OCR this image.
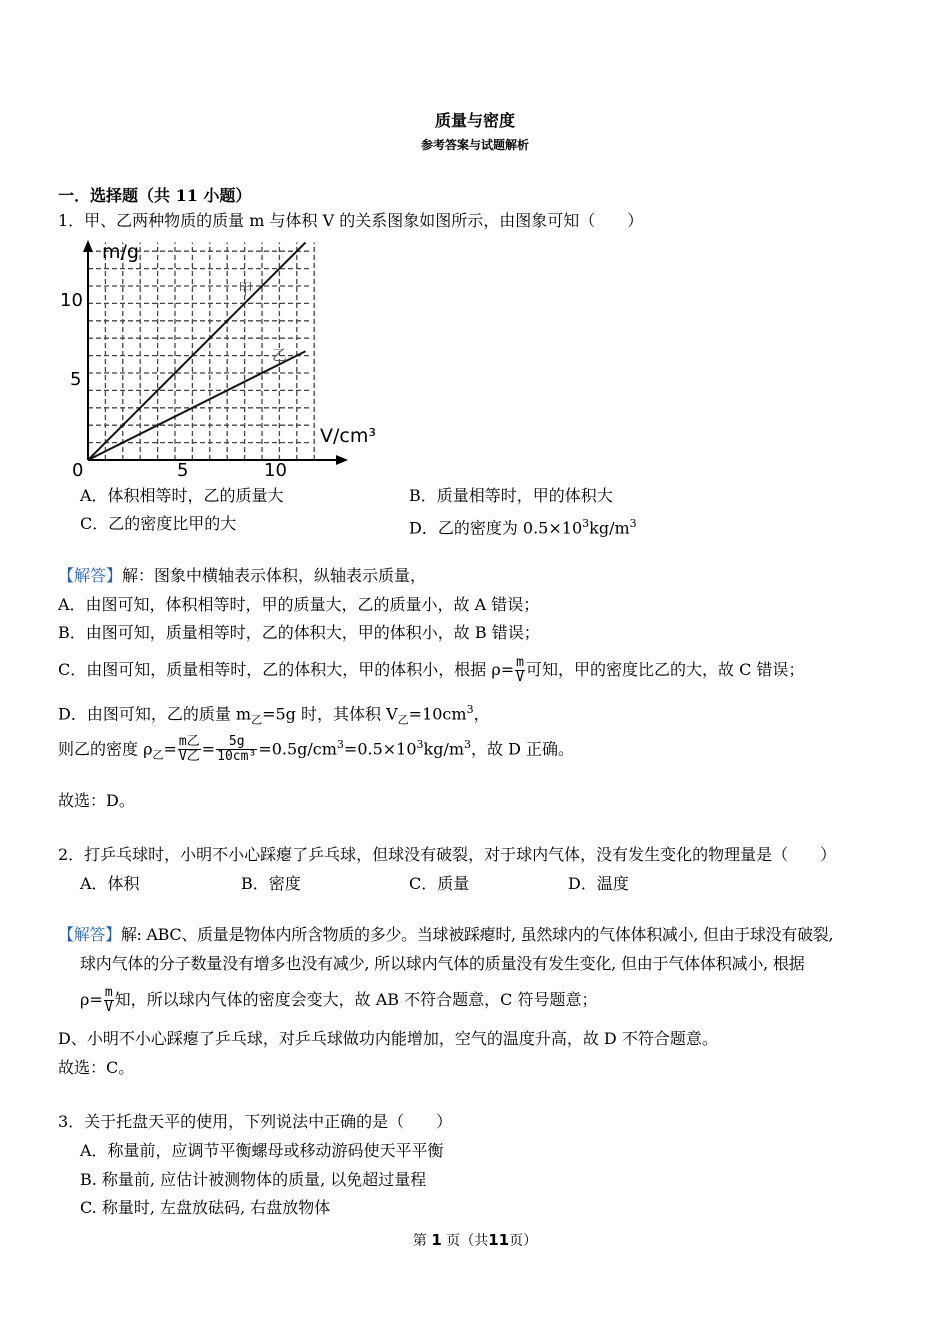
质量与密度
参考答案与试题解析
一．选择题（共 11 小题）
1．甲、乙两种物质的质量 m 与体积 V 的关系图象如图所示，由图象可知（　　）
m/g
V/cm³
0	5	10
10
5
甲
乙
A．体积相等时，乙的质量大	B．质量相等时，甲的体积大
C．乙的密度比甲的大	D．乙的密度为 $0.5\times 10^3kg/m^3$
【解答】解：图象中横轴表示体积，纵轴表示质量，
A．由图可知，体积相等时，甲的质量大，乙的质量小，故 A 错误；
B．由图可知，质量相等时，乙的体积大，甲的体积小，故 B 错误；
C．由图可知，质量相等时，乙的体积大，甲的体积小，根据 $\rho= \frac{m}{V}$ 可知，甲的密度比乙的大，故 C 错误；
D．由图可知，乙的质量 $m_乙=5g$ 时，其体积 $V_乙=10cm^3$，
则乙的密度 $\rho_乙= \frac{\text{m乙}}{\text{V乙}} = \frac{5g}{\text{10cm³}} =0.5g/cm^3=0.5\times 10^3kg/m^3$，故 D 正确。
故选：D。
2．打乒乓球时，小明不小心踩瘪了乒乓球，但球没有破裂，对于球内气体，没有发生变化的物理量是（　　）
A．体积	B．密度	C．质量	D．温度
【解答】解: ABC、质量是物体内所含物质的多少。当球被踩瘪时, 虽然球内的气体体积减小, 但由于球没有破裂,
球内气体的分子数量没有增多也没有减少, 所以球内气体的质量没有发生变化, 但由于气体体积减小, 根据
$\rho= \frac{m}{V}$ 知，所以球内气体的密度会变大，故 AB 不符合题意，C 符号题意；
D、小明不小心踩瘪了乒乓球，对乒乓球做功内能增加，空气的温度升高，故 D 不符合题意。
故选：C。
3．关于托盘天平的使用，下列说法中正确的是（　　）
A．称量前，应调节平衡螺母或移动游码使天平平衡
B. 称量前, 应估计被测物体的质量, 以免超过量程
C. 称量时, 左盘放砝码, 右盘放物体
第 1 页（共11页）
